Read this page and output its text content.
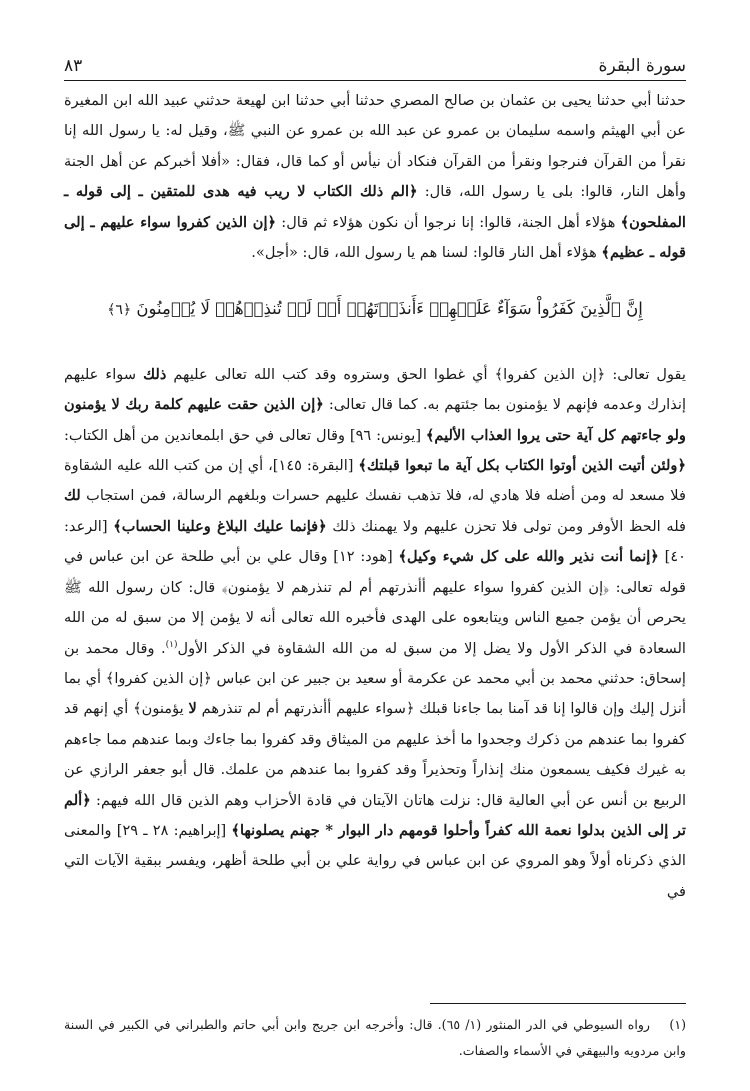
سورة البقرة
٨٣

حدثنا أبي حدثنا يحيى بن عثمان بن صالح المصري حدثنا أبي حدثنا ابن لهيعة حدثني عبيد الله ابن المغيرة عن أبي الهيثم واسمه سليمان بن عمرو عن عبد الله بن عمرو عن النبي ﷺ، وقيل له: يا رسول الله إنا نقرأ من القرآن فنرجوا ونقرأ من القرآن فنكاد أن نيأس أو كما قال، فقال: «أفلا أخبركم عن أهل الجنة وأهل النار، قالوا: بلى يا رسول الله، قال: ﴿الم ذلك الكتاب لا ريب فيه هدى للمتقين ـ إلى قوله ـ المفلحون﴾ هؤلاء أهل الجنة، قالوا: إنا نرجوا أن نكون هؤلاء ثم قال: ﴿إن الذين كفروا سواء عليهم ـ إلى قوله ـ عظيم﴾ هؤلاء أهل النار قالوا: لسنا هم يا رسول الله، قال: «أجل».

إِنَّ ٱلَّذِينَ كَفَرُواْ سَوَآءٌ عَلَيۡهِمۡ ءَأَنذَرۡتَهُمۡ أَمۡ لَمۡ تُنذِرۡهُمۡ لَا يُؤۡمِنُونَ ﴿٦﴾

يقول تعالى: ﴿إن الذين كفروا﴾ أي غطوا الحق وستروه وقد كتب الله تعالى عليهم ذلك سواء عليهم إنذارك وعدمه فإنهم لا يؤمنون بما جئتهم به. كما قال تعالى: ﴿إن الذين حقت عليهم كلمة ربك لا يؤمنون ولو جاءتهم كل آية حتى يروا العذاب الأليم﴾ [يونس: ٩٦] وقال تعالى في حق ابلمعاندين من أهل الكتاب: ﴿ولئن أتيت الذين أوتوا الكتاب بكل آية ما تبعوا قبلتك﴾ [البقرة: ١٤٥]، أي إن من كتب الله عليه الشقاوة فلا مسعد له ومن أضله فلا هادي له، فلا تذهب نفسك عليهم حسرات وبلغهم الرسالة، فمن استجاب لك فله الحظ الأوفر ومن تولى فلا تحزن عليهم ولا يهمنك ذلك ﴿فإنما عليك البلاغ وعلينا الحساب﴾ [الرعد: ٤٠] ﴿إنما أنت نذير والله على كل شيء وكيل﴾ [هود: ١٢] وقال علي بن أبي طلحة عن ابن عباس في قوله تعالى: ﴿إن الذين كفروا سواء عليهم أأنذرتهم أم لم تنذرهم لا يؤمنون﴾ قال: كان رسول الله ﷺ يحرص أن يؤمن جميع الناس ويتابعوه على الهدى فأخبره الله تعالى أنه لا يؤمن إلا من سبق له من الله السعادة في الذكر الأول ولا يضل إلا من سبق له من الله الشقاوة في الذكر الأول$^{(١)}$. وقال محمد بن إسحاق: حدثني محمد بن أبي محمد عن عكرمة أو سعيد بن جبير عن ابن عباس ﴿إن الذين كفروا﴾ أي بما أنزل إليك وإن قالوا إنا قد آمنا بما جاءنا قبلك ﴿سواء عليهم أأنذرتهم أم لم تنذرهم لا يؤمنون﴾ أي إنهم قد كفروا بما عندهم من ذكرك وجحدوا ما أخذ عليهم من الميثاق وقد كفروا بما جاءك وبما عندهم مما جاءهم به غيرك فكيف يسمعون منك إنذاراً وتحذيراً وقد كفروا بما عندهم من علمك. قال أبو جعفر الرازي عن الربيع بن أنس عن أبي العالية قال: نزلت هاتان الآيتان في قادة الأحزاب وهم الذين قال الله فيهم: ﴿ألم تر إلى الذين بدلوا نعمة الله كفراً وأحلوا قومهم دار البوار * جهنم يصلونها﴾ [إبراهيم: ٢٨ ـ ٢٩] والمعنى الذي ذكرناه أولاً وهو المروي عن ابن عباس في رواية علي بن أبي طلحة أظهر، ويفسر ببقية الآيات التي في

(١)رواه السيوطي في الدر المنثور (١/ ٦٥). قال: وأخرجه ابن جريج وابن أبي حاتم والطبراني في الكبير في السنة وابن مردويه والبيهقي في الأسماء والصفات.
